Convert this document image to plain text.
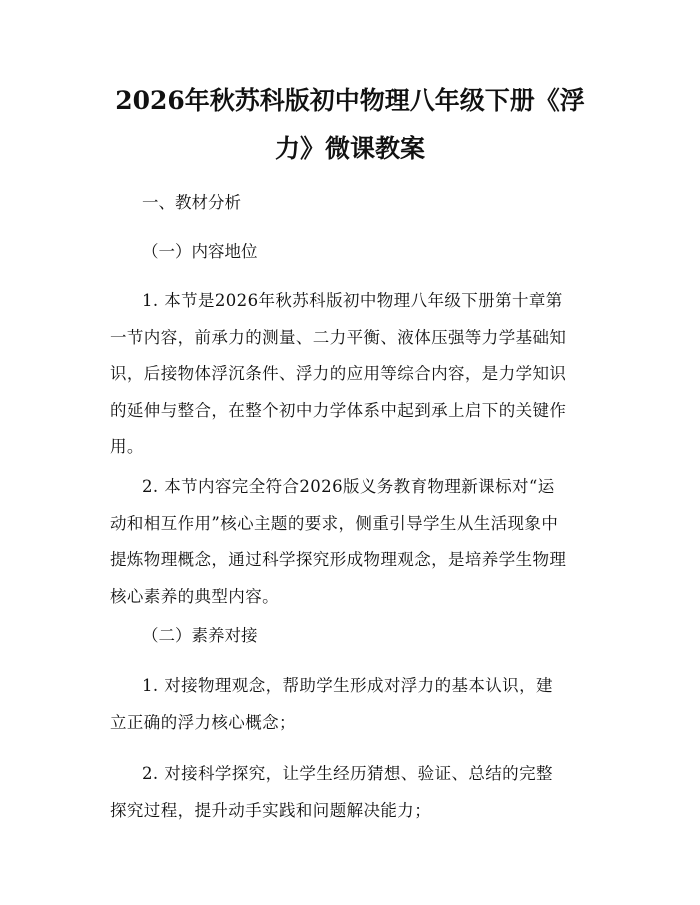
2026年秋苏科版初中物理八年级下册《浮
力》微课教案

一、教材分析

（一）内容地位

1. 本节是2026年秋苏科版初中物理八年级下册第十章第
一节内容，前承力的测量、二力平衡、液体压强等力学基础知
识，后接物体浮沉条件、浮力的应用等综合内容，是力学知识
的延伸与整合，在整个初中力学体系中起到承上启下的关键作
用。
2. 本节内容完全符合2026版义务教育物理新课标对“运
动和相互作用”核心主题的要求，侧重引导学生从生活现象中
提炼物理概念，通过科学探究形成物理观念，是培养学生物理
核心素养的典型内容。

（二）素养对接

1. 对接物理观念，帮助学生形成对浮力的基本认识，建
立正确的浮力核心概念；
2. 对接科学探究，让学生经历猜想、验证、总结的完整
探究过程，提升动手实践和问题解决能力；
